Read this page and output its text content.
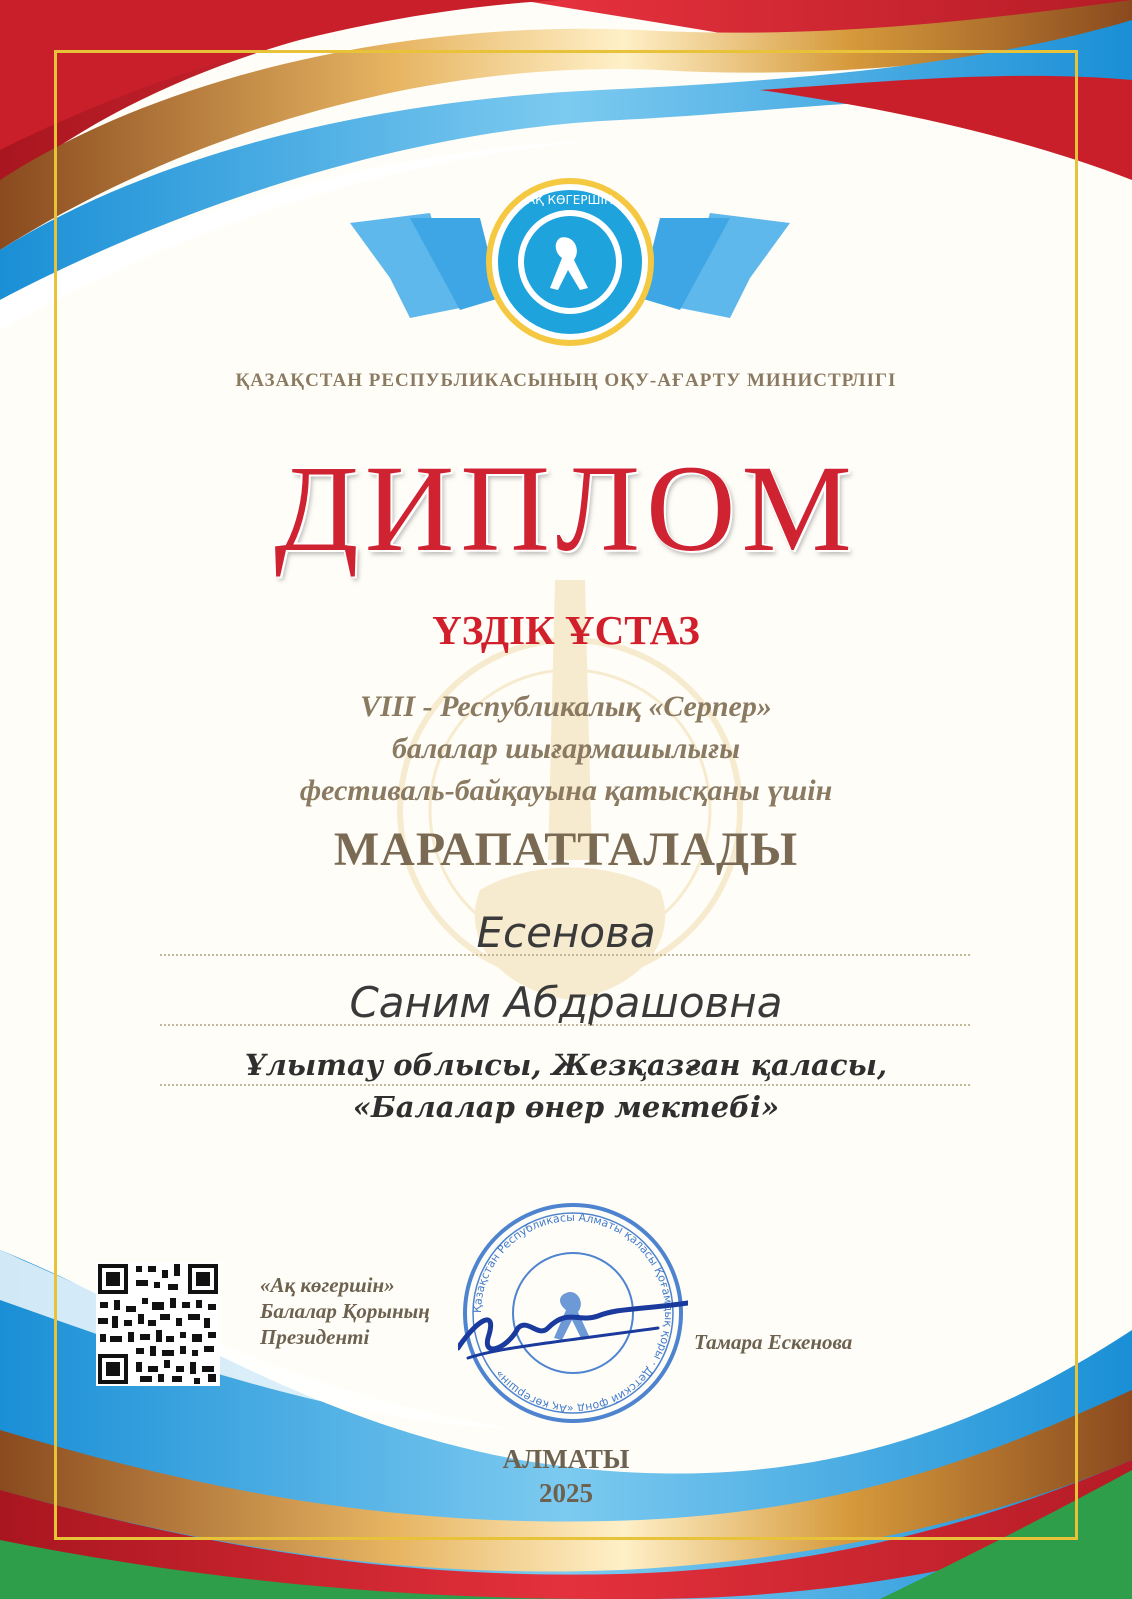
АҚ КӨГЕРШІН

ҚАЗАҚСТАН РЕСПУБЛИКАСЫНЫҢ ОҚУ-АҒАРТУ МИНИСТРЛІГІ

ДИПЛОМ

ҮЗДІК ҰСТАЗ

VIII - Республикалық «Серпер»
балалар шығармашылығы
фестиваль-байқауына қатысқаны үшін

МАРАПАТТАЛАДЫ

Есенова

Саним Абдрашовна

Ұлытау облысы, Жезқазған қаласы,
«Балалар өнер мектебі»
«Ақ көгершін»
Балалар Қорының
Президенті
Қазақстан Республикасы Алматы қаласы Қоғамдық қоры · Детский фонд «Ақ көгершін»
Тамара Ескенова
АЛМАТЫ
2025
